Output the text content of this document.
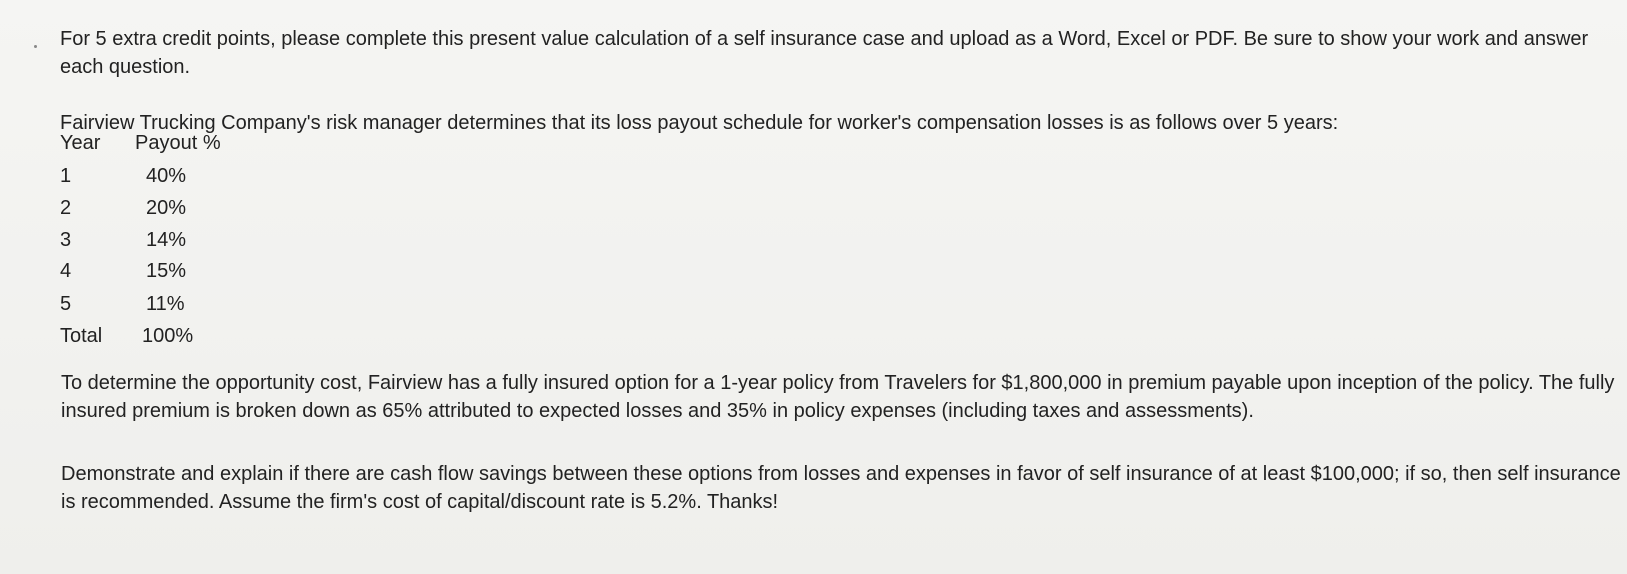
For 5 extra credit points, please complete this present value calculation of a self insurance case and upload as a Word, Excel or PDF. Be sure to show your work and answer each question.
Fairview Trucking Company's risk manager determines that its loss payout schedule for worker's compensation losses is as follows over 5 years:
Year Payout %
1	40%
2	20%
3	14%
4	15%
5	11%
Total 100%
To determine the opportunity cost, Fairview has a fully insured option for a 1-year policy from Travelers for $1,800,000 in premium payable upon inception of the policy. The fully insured premium is broken down as 65% attributed to expected losses and 35% in policy expenses (including taxes and assessments).
Demonstrate and explain if there are cash flow savings between these options from losses and expenses in favor of self insurance of at least $100,000; if so, then self insurance is recommended. Assume the firm's cost of capital/discount rate is 5.2%. Thanks!
